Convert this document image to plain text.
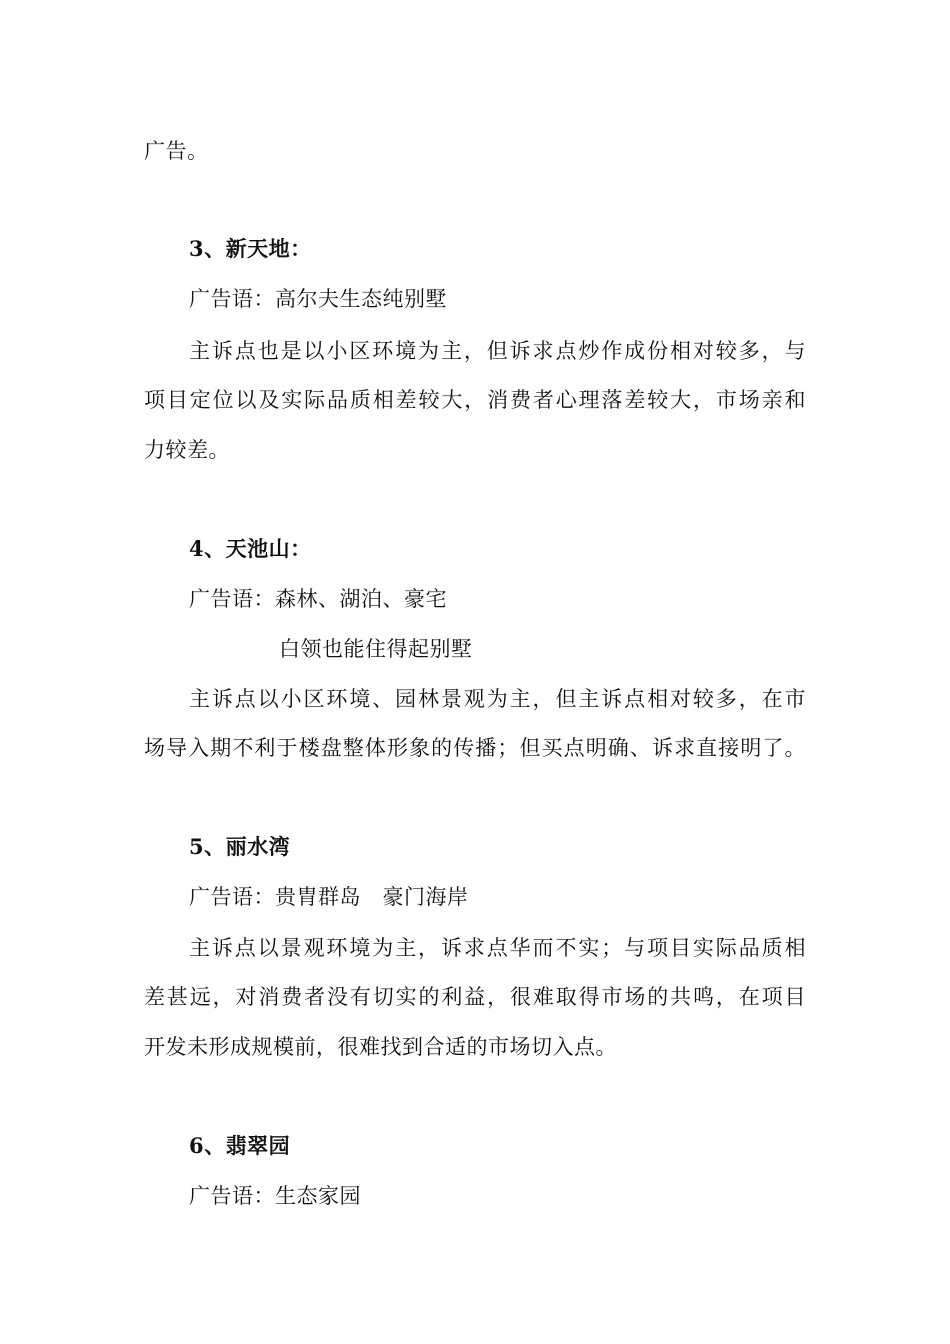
广告。
3、新天地：
广告语：高尔夫生态纯别墅
主诉点也是以小区环境为主，但诉求点炒作成份相对较多，与
项目定位以及实际品质相差较大，消费者心理落差较大，市场亲和
力较差。
4、天池山：
广告语：森林、湖泊、豪宅
白领也能住得起别墅
主诉点以小区环境、园林景观为主，但主诉点相对较多，在市
场导入期不利于楼盘整体形象的传播；但买点明确、诉求直接明了。
5、丽水湾
广告语：贵胄群岛　豪门海岸
主诉点以景观环境为主，诉求点华而不实；与项目实际品质相
差甚远，对消费者没有切实的利益，很难取得市场的共鸣，在项目
开发未形成规模前，很难找到合适的市场切入点。
6、翡翠园
广告语：生态家园
